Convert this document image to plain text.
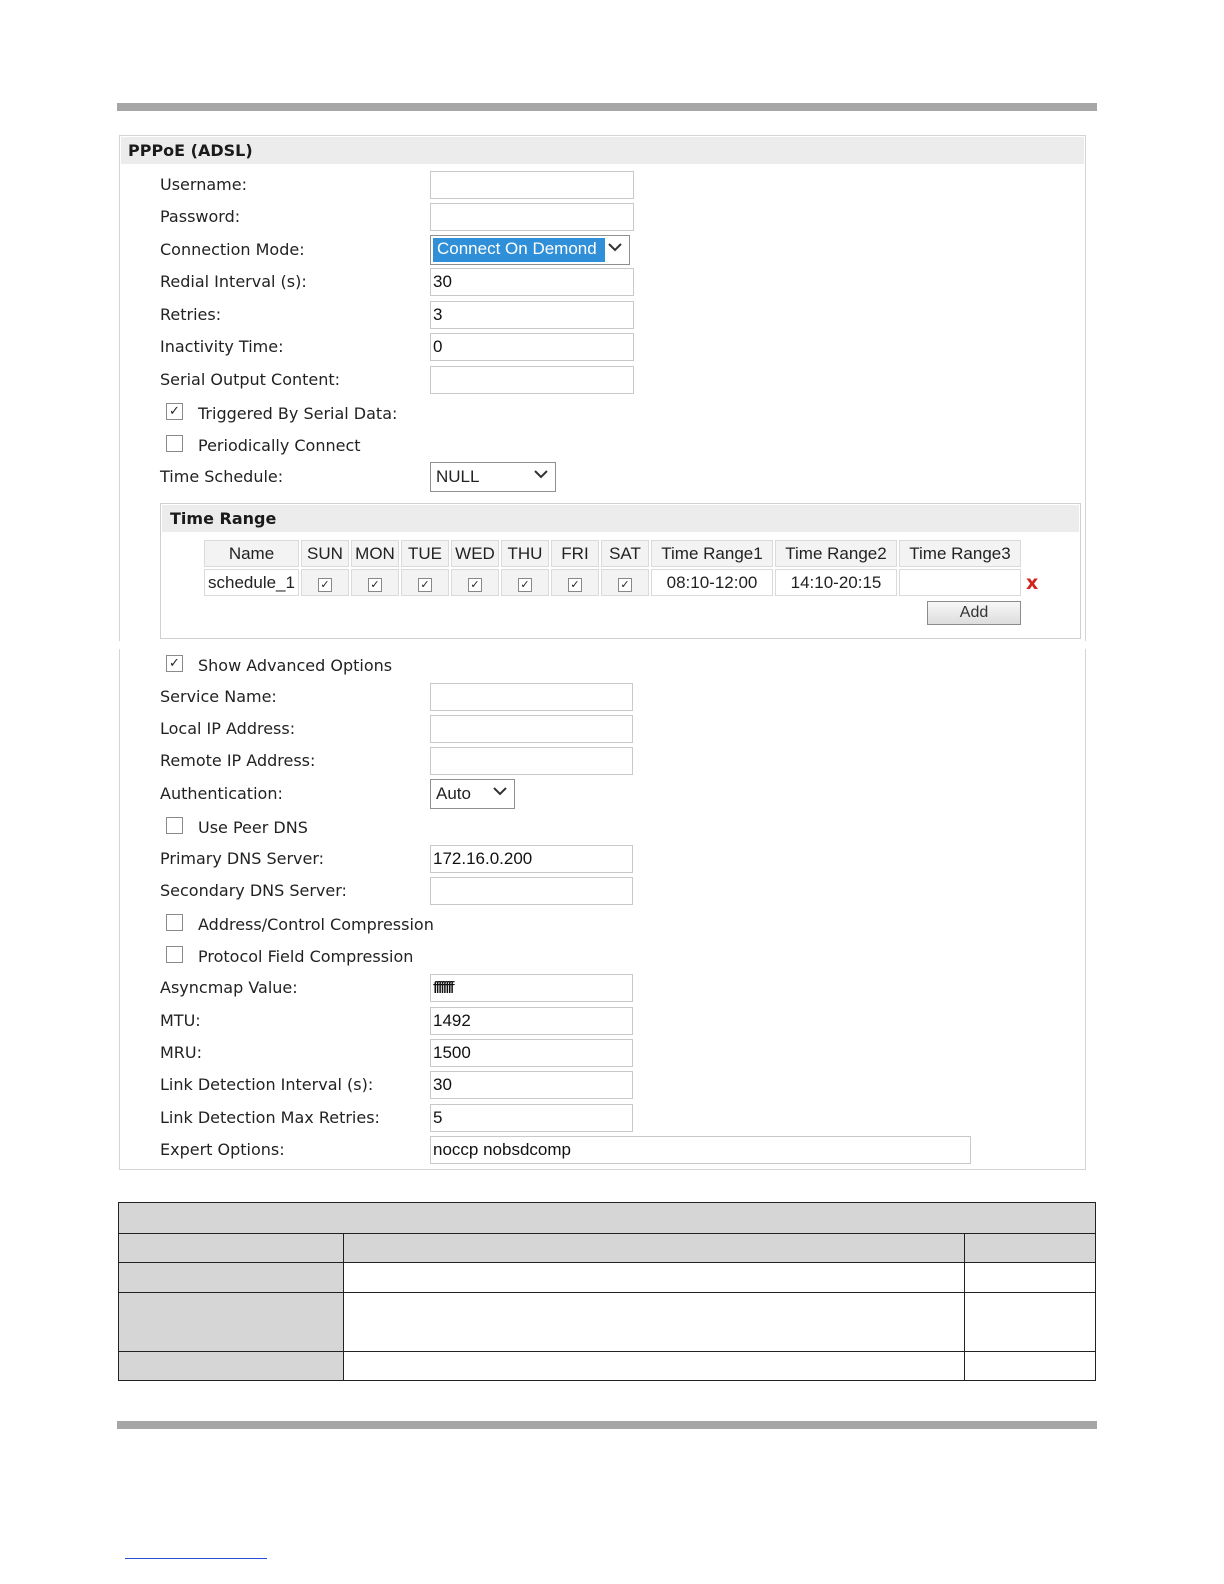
PPPoE (ADSL)
Username:
Password:
Connection Mode:	Connect On Demond
Redial Interval (s):	30
Retries:	3
Inactivity Time:	0
Serial Output Content:
✓ Triggered By Serial Data:
Periodically Connect
Time Schedule:	NULL
Time Range
Name	SUN	MON	TUE	WED	THU	FRI	SAT	Time Range1	Time Range2	Time Range3
schedule_1	✓	✓	✓	✓	✓	✓	✓	08:10-12:00	14:10-20:15		x
Add
✓ Show Advanced Options
Service Name:
Local IP Address:
Remote IP Address:
Authentication:	Auto
Use Peer DNS
Primary DNS Server:	172.16.0.200
Secondary DNS Server:
Address/Control Compression
Protocol Field Compression
Asyncmap Value:	ffffffff
MTU:	1492
MRU:	1500
Link Detection Interval (s):	30
Link Detection Max Retries:	5
Expert Options:	noccp nobsdcomp
